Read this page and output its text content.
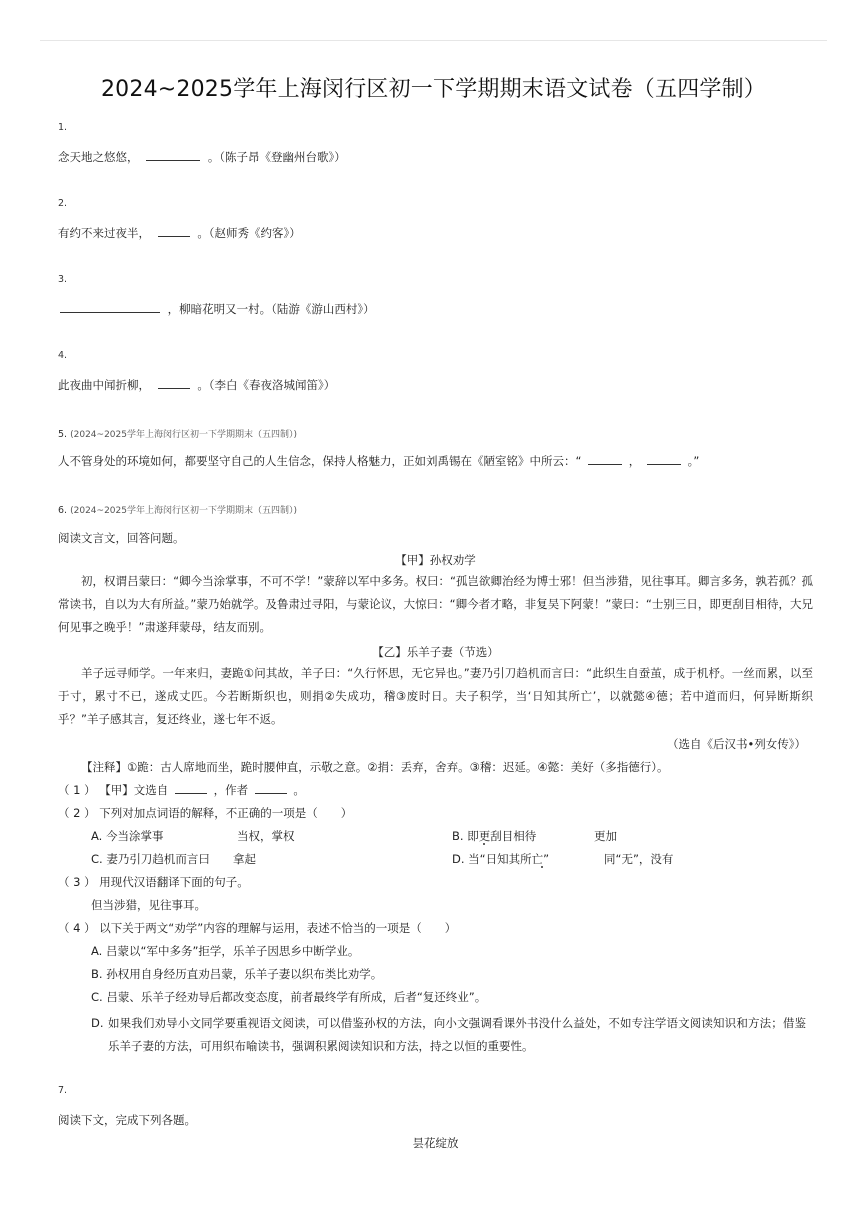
2024~2025学年上海闵行区初一下学期期末语文试卷（五四学制）
1.
念天地之悠悠，	。（陈子昂《登幽州台歌》）
2.
有约不来过夜半，	。（赵师秀《约客》）
3.
，柳暗花明又一村。（陆游《游山西村》）
4.
此夜曲中闻折柳，	。（李白《春夜洛城闻笛》）
5. (2024~2025学年上海闵行区初一下学期期末（五四制）)
人不管身处的环境如何，都要坚守自己的人生信念，保持人格魅力，正如刘禹锡在《陋室铭》中所云：“	，	。”
6. (2024~2025学年上海闵行区初一下学期期末（五四制）)
阅读文言文，回答问题。
【甲】孙权劝学
初，权谓吕蒙曰：“卿今当涂掌事，不可不学！”蒙辞以军中多务。权曰：“孤岂欲卿治经为博士邪！但当涉猎，见往事耳。卿言多务，孰若孤？孤常读书，自以为大有所益。”蒙乃始就学。及鲁肃过寻阳，与蒙论议，大惊曰：“卿今者才略，非复吴下阿蒙！”蒙曰：“士别三日，即更刮目相待，大兄何见事之晚乎！”肃遂拜蒙母，结友而别。
【乙】乐羊子妻（节选）
羊子远寻师学。一年来归，妻跪①问其故，羊子曰：“久行怀思，无它异也。”妻乃引刀趋机而言曰：“此织生自蚕茧，成于机杼。一丝而累，以至于寸，累寸不已，遂成丈匹。今若断斯织也，则捐②失成功，稽③废时日。夫子积学，当‘日知其所亡’，以就懿④德；若中道而归，何异断斯织乎？”羊子感其言，复还终业，遂七年不返。
（选自《后汉书•列女传》）
【注释】①跪：古人席地而坐，跪时腰伸直，示敬之意。②捐：丢弃，舍弃。③稽：迟延。④懿：美好（多指德行）。
（ 1 ） 【甲】文选自	，作者	。
（ 2 ） 下列对加点词语的解释，不正确的一项是（　　）
A. 今当涂掌事	当权，掌权	B. 即更刮目相待	更加
C. 妻乃引刀趋机而言曰 拿起	D. 当“日知其所亡”	同“无”，没有
（ 3 ） 用现代汉语翻译下面的句子。
但当涉猎，见往事耳。
（ 4 ） 以下关于两文“劝学”内容的理解与运用，表述不恰当的一项是（　　）
A. 吕蒙以“军中多务”拒学，乐羊子因思乡中断学业。
B. 孙权用自身经历直劝吕蒙，乐羊子妻以织布类比劝学。
C. 吕蒙、乐羊子经劝导后都改变态度，前者最终学有所成，后者“复还终业”。
D. 如果我们劝导小文同学要重视语文阅读，可以借鉴孙权的方法，向小文强调看课外书没什么益处，不如专注学语文阅读知识和方法；借鉴乐羊子妻的方法，可用织布喻读书，强调积累阅读知识和方法，持之以恒的重要性。
7.
阅读下文，完成下列各题。
昙花绽放
